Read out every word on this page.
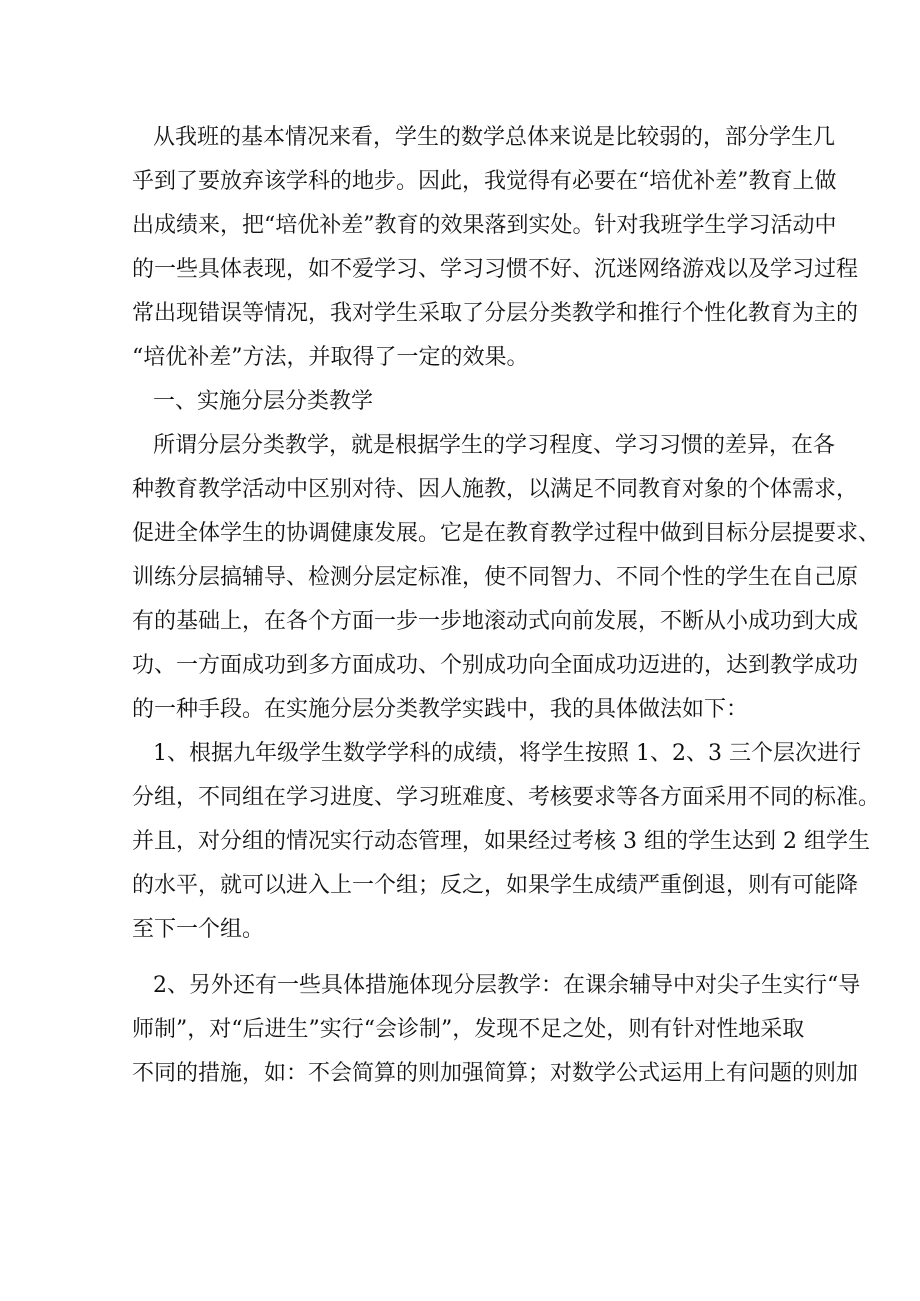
从我班的基本情况来看，学生的数学总体来说是比较弱的，部分学生几
乎到了要放弃该学科的地步。因此，我觉得有必要在“培优补差”教育上做
出成绩来，把“培优补差”教育的效果落到实处。针对我班学生学习活动中
的一些具体表现，如不爱学习、学习习惯不好、沉迷网络游戏以及学习过程
常出现错误等情况，我对学生采取了分层分类教学和推行个性化教育为主的
“培优补差”方法，并取得了一定的效果。
一、实施分层分类教学
所谓分层分类教学，就是根据学生的学习程度、学习习惯的差异，在各
种教育教学活动中区别对待、因人施教，以满足不同教育对象的个体需求，
促进全体学生的协调健康发展。它是在教育教学过程中做到目标分层提要求、
训练分层搞辅导、检测分层定标准，使不同智力、不同个性的学生在自己原
有的基础上，在各个方面一步一步地滚动式向前发展，不断从小成功到大成
功、一方面成功到多方面成功、个别成功向全面成功迈进的，达到教学成功
的一种手段。在实施分层分类教学实践中，我的具体做法如下：
1、根据九年级学生数学学科的成绩，将学生按照 1、2、3 三个层次进行
分组，不同组在学习进度、学习班难度、考核要求等各方面采用不同的标准。
并且，对分组的情况实行动态管理，如果经过考核 3 组的学生达到 2 组学生
的水平，就可以进入上一个组；反之，如果学生成绩严重倒退，则有可能降
至下一个组。
2、另外还有一些具体措施体现分层教学：在课余辅导中对尖子生实行“导
师制”，对“后进生”实行“会诊制”，发现不足之处，则有针对性地采取
不同的措施，如：不会简算的则加强简算；对数学公式运用上有问题的则加
